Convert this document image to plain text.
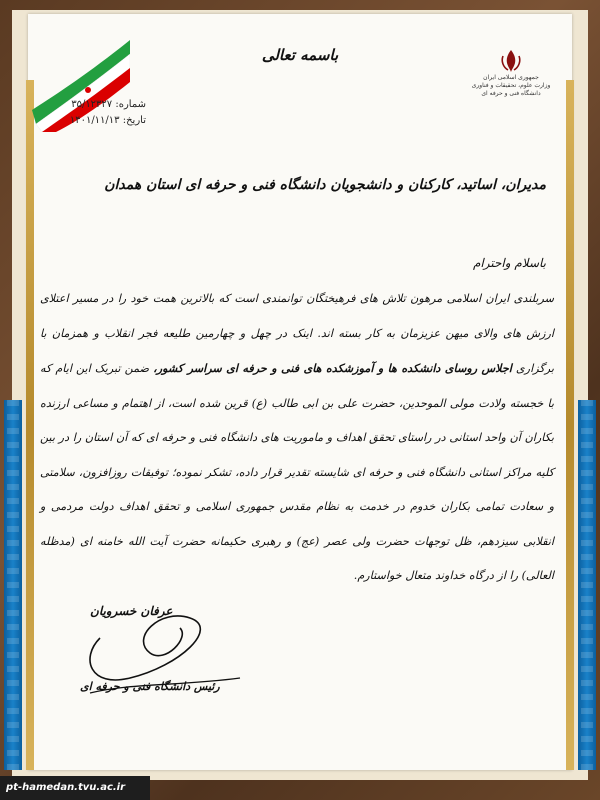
جمهوری اسلامی ایران
وزارت علوم، تحقیقات و فناوری
دانشگاه فنی و حرفه ای
باسمه تعالی
شماره: ۳۵/۱۲۳۲۷
تاریخ: ۱۴۰۱/۱۱/۱۳
مدیران، اساتید، کارکنان و دانشجویان دانشگاه فنی و حرفه ای استان همدان
باسلام واحترام

سربلندی ایران اسلامی مرهون تلاش های فرهیختگان توانمندی است که بالاترین همت خود را در مسیر اعتلای ارزش های والای میهن عزیزمان به کار بسته اند. اینک در چهل و چهارمین طلیعه فجر انقلاب و همزمان با برگزاری اجلاس روسای دانشکده ها و آموزشکده های فنی و حرفه ای سراسر کشور، ضمن تبریک این ایام که با خجسته ولادت مولی الموحدین، حضرت علی بن ابی طالب (ع) قرین شده است، از اهتمام و مساعی ارزنده بکاران آن واحد استانی در راستای تحقق اهداف و ماموریت های دانشگاه فنی و حرفه ای که آن استان را در بین کلیه مراکز استانی دانشگاه فنی و حرفه ای شایسته تقدیر قرار داده، تشکر نموده؛ توفیقات روزافزون، سلامتی و سعادت تمامی بکاران خدوم در خدمت به نظام مقدس جمهوری اسلامی و تحقق اهداف دولت مردمی و انقلابی سیزدهم، ظل توجهات حضرت ولی عصر (عج) و رهبری حکیمانه حضرت آیت الله خامنه ای (مدظله العالی) را از درگاه خداوند متعال خواستارم.

عرفان خسرویان
رئیس دانشگاه فنی و حرفه ای
pt-hamedan.tvu.ac.ir
